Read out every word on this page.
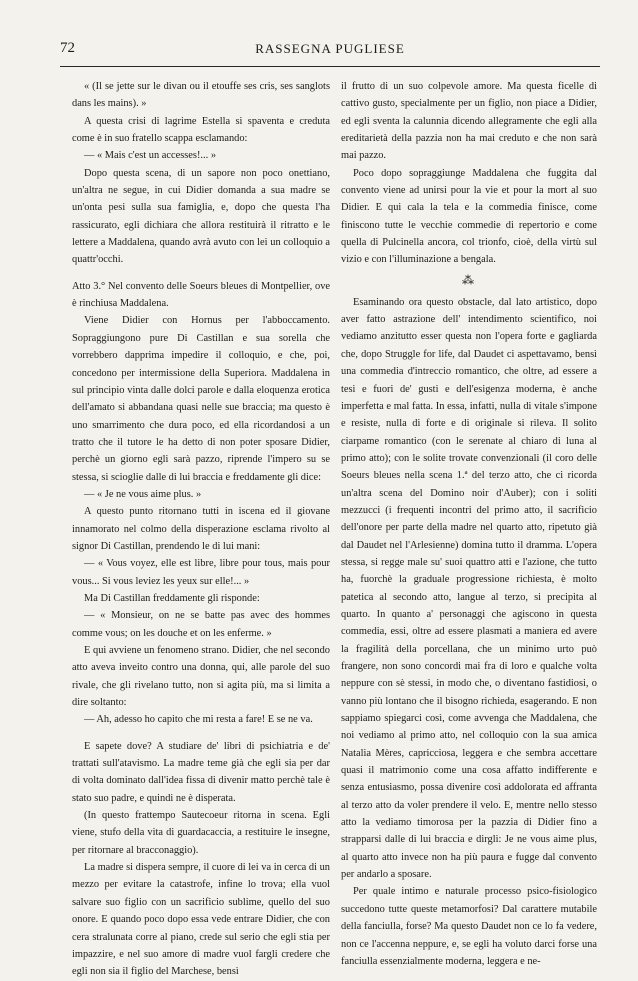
72	RASSEGNA PUGLIESE

« (Il se jette sur le divan ou il etouffe ses cris, ses sanglots dans les mains). »

A questa crisi di lagrime Estella si spaventa e creduta come è in suo fratello scappa esclamando:

— « Mais c'est un accesses!... »

Dopo questa scena, di un sapore non poco onettiano, un'altra ne segue, in cui Didier domanda a sua madre se un'onta pesi sulla sua famiglia, e, dopo che questa l'ha rassicurato, egli dichiara che allora restituirà il ritratto e le lettere a Maddalena, quando avrà avuto con lei un colloquio a quattr'occhi.

Atto 3.° Nel convento delle Soeurs bleues di Montpellier, ove è rinchiusa Maddalena.

Viene Didier con Hornus per l'abboccamento. Sopraggiungono pure Di Castillan e sua sorella che vorrebbero dapprima impedire il colloquio, e che, poi, concedono per intermissione della Superiora. Maddalena in sul principio vinta dalle dolci parole e dalla eloquenza erotica dell'amato si abbandana quasi nelle sue braccia; ma questo è uno smarrimento che dura poco, ed ella ricordandosi a un tratto che il tutore le ha detto di non poter sposare Didier, perchè un giorno egli sarà pazzo, riprende l'impero su se stessa, si scioglie dalle di lui braccia e freddamente gli dice:

— « Je ne vous aime plus. »

A questo punto ritornano tutti in iscena ed il giovane innamorato nel colmo della disperazione esclama rivolto al signor Di Castillan, prendendo le di lui mani:

— « Vous voyez, elle est libre, libre pour tous, mais pour vous... Si vous leviez les yeux sur elle!... »

Ma Di Castillan freddamente gli risponde:

— « Monsieur, on ne se batte pas avec des hommes comme vous; on les douche et on les enferme. »

E qui avviene un fenomeno strano. Didier, che nel secondo atto aveva inveito contro una donna, qui, alle parole del suo rivale, che gli rivelano tutto, non si agita più, ma si limita a dire soltanto:

— Ah, adesso ho capito che mi resta a fare! E se ne va.

E sapete dove? A studiare de' libri di psichiatria e de' trattati sull'atavismo. La madre teme già che egli sia per dar di volta dominato dall'idea fissa di divenir matto perchè tale è stato suo padre, e quindi ne è disperata.

(In questo frattempo Sautecoeur ritorna in scena. Egli viene, stufo della vita di guardacaccia, a restituire le insegne, per ritornare al bracconaggio).

La madre si dispera sempre, il cuore di lei va in cerca di un mezzo per evitare la catastrofe, infine lo trova; ella vuol salvare suo figlio con un sacrificio sublime, quello del suo onore. E quando poco dopo essa vede entrare Didier, che con cera stralunata corre al piano, crede sul serio che egli stia per impazzire, e nel suo amore di madre vuol fargli credere che egli non sia il figlio del Marchese, bensì

il frutto di un suo colpevole amore. Ma questa ficelle di cattivo gusto, specialmente per un figlio, non piace a Didier, ed egli sventa la calunnia dicendo allegramente che egli alla ereditarietà della pazzia non ha mai creduto e che non sarà mai pazzo.

Poco dopo sopraggiunge Maddalena che fuggita dal convento viene ad unirsi pour la vie et pour la mort al suo Didier. E qui cala la tela e la commedia finisce, come finiscono tutte le vecchie commedie di repertorio e come quella di Pulcinella ancora, col trionfo, cioè, della virtù sul vizio e con l'illuminazione a bengala.

⁂

Esaminando ora questo obstacle, dal lato artistico, dopo aver fatto astrazione dell' intendimento scientifico, noi vediamo anzitutto esser questa non l'opera forte e gagliarda che, dopo Struggle for life, dal Daudet ci aspettavamo, bensì una commedia d'intreccio romantico, che oltre, ad essere a tesi e fuori de' gusti e dell'esigenza moderna, è anche imperfetta e mal fatta. In essa, infatti, nulla di vitale s'impone e resiste, nulla di forte e di originale si rileva. Il solito ciarpame romantico (con le serenate al chiaro di luna al primo atto); con le solite trovate convenzionali (il coro delle Soeurs bleues nella scena 1.ª del terzo atto, che ci ricorda un'altra scena del Domino noir d'Auber); con i soliti mezzucci (i frequenti incontri del primo atto, il sacrificio dell'onore per parte della madre nel quarto atto, ripetuto già dal Daudet nel l'Arlesienne) domina tutto il dramma. L'opera stessa, si regge male su' suoi quattro atti e l'azione, che tutto ha, fuorchè la graduale progressione richiesta, è molto patetica al secondo atto, langue al terzo, si precipita al quarto. In quanto a' personaggi che agiscono in questa commedia, essi, oltre ad essere plasmati a maniera ed avere la fragilità della porcellana, che un minimo urto può frangere, non sono concordi mai fra di loro e qualche volta neppure con sè stessi, in modo che, o diventano fastidiosi, o vanno più lontano che il bisogno richieda, esagerando. E non sappiamo spiegarci così, come avvenga che Maddalena, che noi vediamo al primo atto, nel colloquio con la sua amica Natalia Mères, capricciosa, leggera e che sembra accettare quasi il matrimonio come una cosa affatto indifferente e senza entusiasmo, possa divenire così addolorata ed affranta al terzo atto da voler prendere il velo. E, mentre nello stesso atto la vediamo timorosa per la pazzia di Didier fino a strapparsi dalle di lui braccia e dirgli: Je ne vous aime plus, al quarto atto invece non ha più paura e fugge dal convento per andarlo a sposare.

Per quale intimo e naturale processo psico-fisiologico succedono tutte queste metamorfosi? Dal carattere mutabile della fanciulla, forse? Ma questo Daudet non ce lo fa vedere, non ce l'accenna neppure, e, se egli ha voluto darci forse una fanciulla essenzialmente moderna, leggera e ne-
